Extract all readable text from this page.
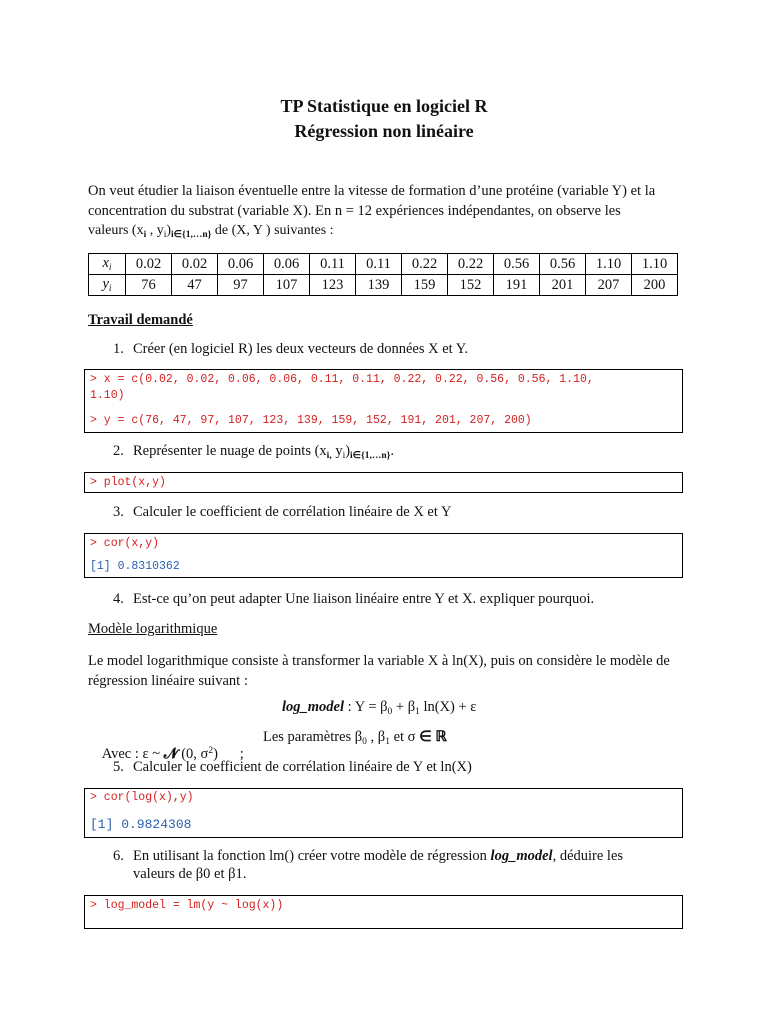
TP Statistique en logiciel R
Régression non linéaire
On veut étudier la liaison éventuelle entre la vitesse de formation d’une protéine (variable Y) et la
concentration du substrat (variable X). En n = 12 expériences indépendantes, on observe les
valeurs ($x_i$ , $y_i)_{i\in\{1,\dots n\}}$ de (X, Y ) suivantes :
$x_i$	0.02	0.02	0.06	0.06	0.11	0.11	0.22	0.22	0.56	0.56	1.10	1.10
$y_i$	76	47	97	107	123	139	159	152	191	201	207	200
Travail demandé
1. Créer (en logiciel R) les deux vecteurs de données X et Y.
> x = c(0.02, 0.02, 0.06, 0.06, 0.11, 0.11, 0.22, 0.22, 0.56, 0.56, 1.10,
1.10)
> y = c(76, 47, 97, 107, 123, 139, 159, 152, 191, 201, 207, 200)
2. Représenter le nuage de points ($x_{i,}$ $y_i)_{i\in\{1,\dots n\}}$.
> plot(x,y)
3. Calculer le coefficient de corrélation linéaire de X et Y
> cor(x,y)
[1] 0.8310362
4. Est-ce qu’on peut adapter Une liaison linéaire entre Y et X. expliquer pourquoi.
Modèle logarithmique
Le model logarithmique consiste à transformer la variable X à ln(X), puis on considère le modèle de
régression linéaire suivant :
log_model : $Y = \beta_0 + \beta_1$ ln(X) + ε

Avec : ε ~ 𝓝 (0, $\sigma^2$)      ;

Les paramètres $\beta_0$ , $\beta_1$ et σ ∈ ℝ
5. Calculer le coefficient de corrélation linéaire de Y et ln(X)
> cor(log(x),y)
[1] 0.9824308
6. En utilisant la fonction lm() créer votre modèle de régression log_model, déduire les
valeurs de β0 et β1.
> log_model = lm(y ~ log(x))
